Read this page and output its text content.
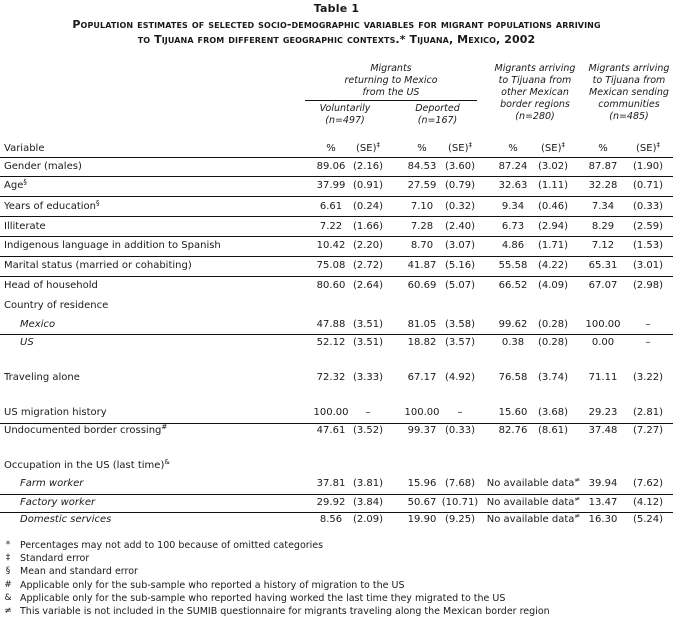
Table 1
Population estimates of selected socio-demographic variables for migrant populations arriving
to Tijuana from different geographic contexts.* Tijuana, Mexico, 2002
Migrants
returning to Mexico
from the US
Voluntarily
(n=497)
Deported
(n=167)
Migrants arriving
to Tijuana from
other Mexican
border regions
(n=280)
Migrants arriving
to Tijuana from
Mexican sending
communities
(n=485)
Variable	%	(SE)‡	%	(SE)‡	%	(SE)‡	%	(SE)‡
Gender (males)	89.06 (2.16)	84.53 (3.60)	87.24	(3.02)	87.87	(1.90)
Age§	37.99 (0.91)	27.59 (0.79)	32.63	(1.11)	32.28	(0.71)
Years of education§	6.61	(0.24)	7.10	(0.32)	9.34	(0.46)	7.34	(0.33)
Illiterate	7.22	(1.66)	7.28	(2.40)	6.73	(2.94)	8.29	(2.59)
Indigenous language in addition to Spanish	10.42 (2.20)	8.70	(3.07)	4.86	(1.71)	7.12	(1.53)
Marital status (married or cohabiting)	75.08 (2.72)	41.87 (5.16)	55.58	(4.22)	65.31	(3.01)
Head of household	80.60 (2.64)	60.69 (5.07)	66.52	(4.09)	67.07	(2.98)
Country of residence
Mexico	47.88 (3.51)	81.05 (3.58)	99.62	(0.28)	100.00	–
US	52.12 (3.51)	18.82 (3.57)	0.38	(0.28)	0.00	–
Traveling alone	72.32 (3.33)	67.17 (4.92)	76.58	(3.74)	71.11	(3.22)
US migration history	100.00	–	100.00	–	15.60	(3.68)	29.23	(2.81)
Undocumented border crossing#	47.61 (3.52)	99.37 (0.33)	82.76	(8.61)	37.48	(7.27)
Occupation in the US (last time)&
Farm worker	37.81 (3.81)	15.96 (7.68)	No available data≠ 39.94	(7.62)
Factory worker	29.92 (3.84)	50.67 (10.71) No available data≠ 13.47	(4.12)
Domestic services	8.56	(2.09)	19.90 (9.25)	No available data≠ 16.30	(5.24)
*	Percentages may not add to 100 because of omitted categories
‡	Standard error
§	Mean and standard error
# Applicable only for the sub-sample who reported a history of migration to the US
& Applicable only for the sub-sample who reported having worked the last time they migrated to the US
≠ This variable is not included in the SUMIB questionnaire for migrants traveling along the Mexican border region
